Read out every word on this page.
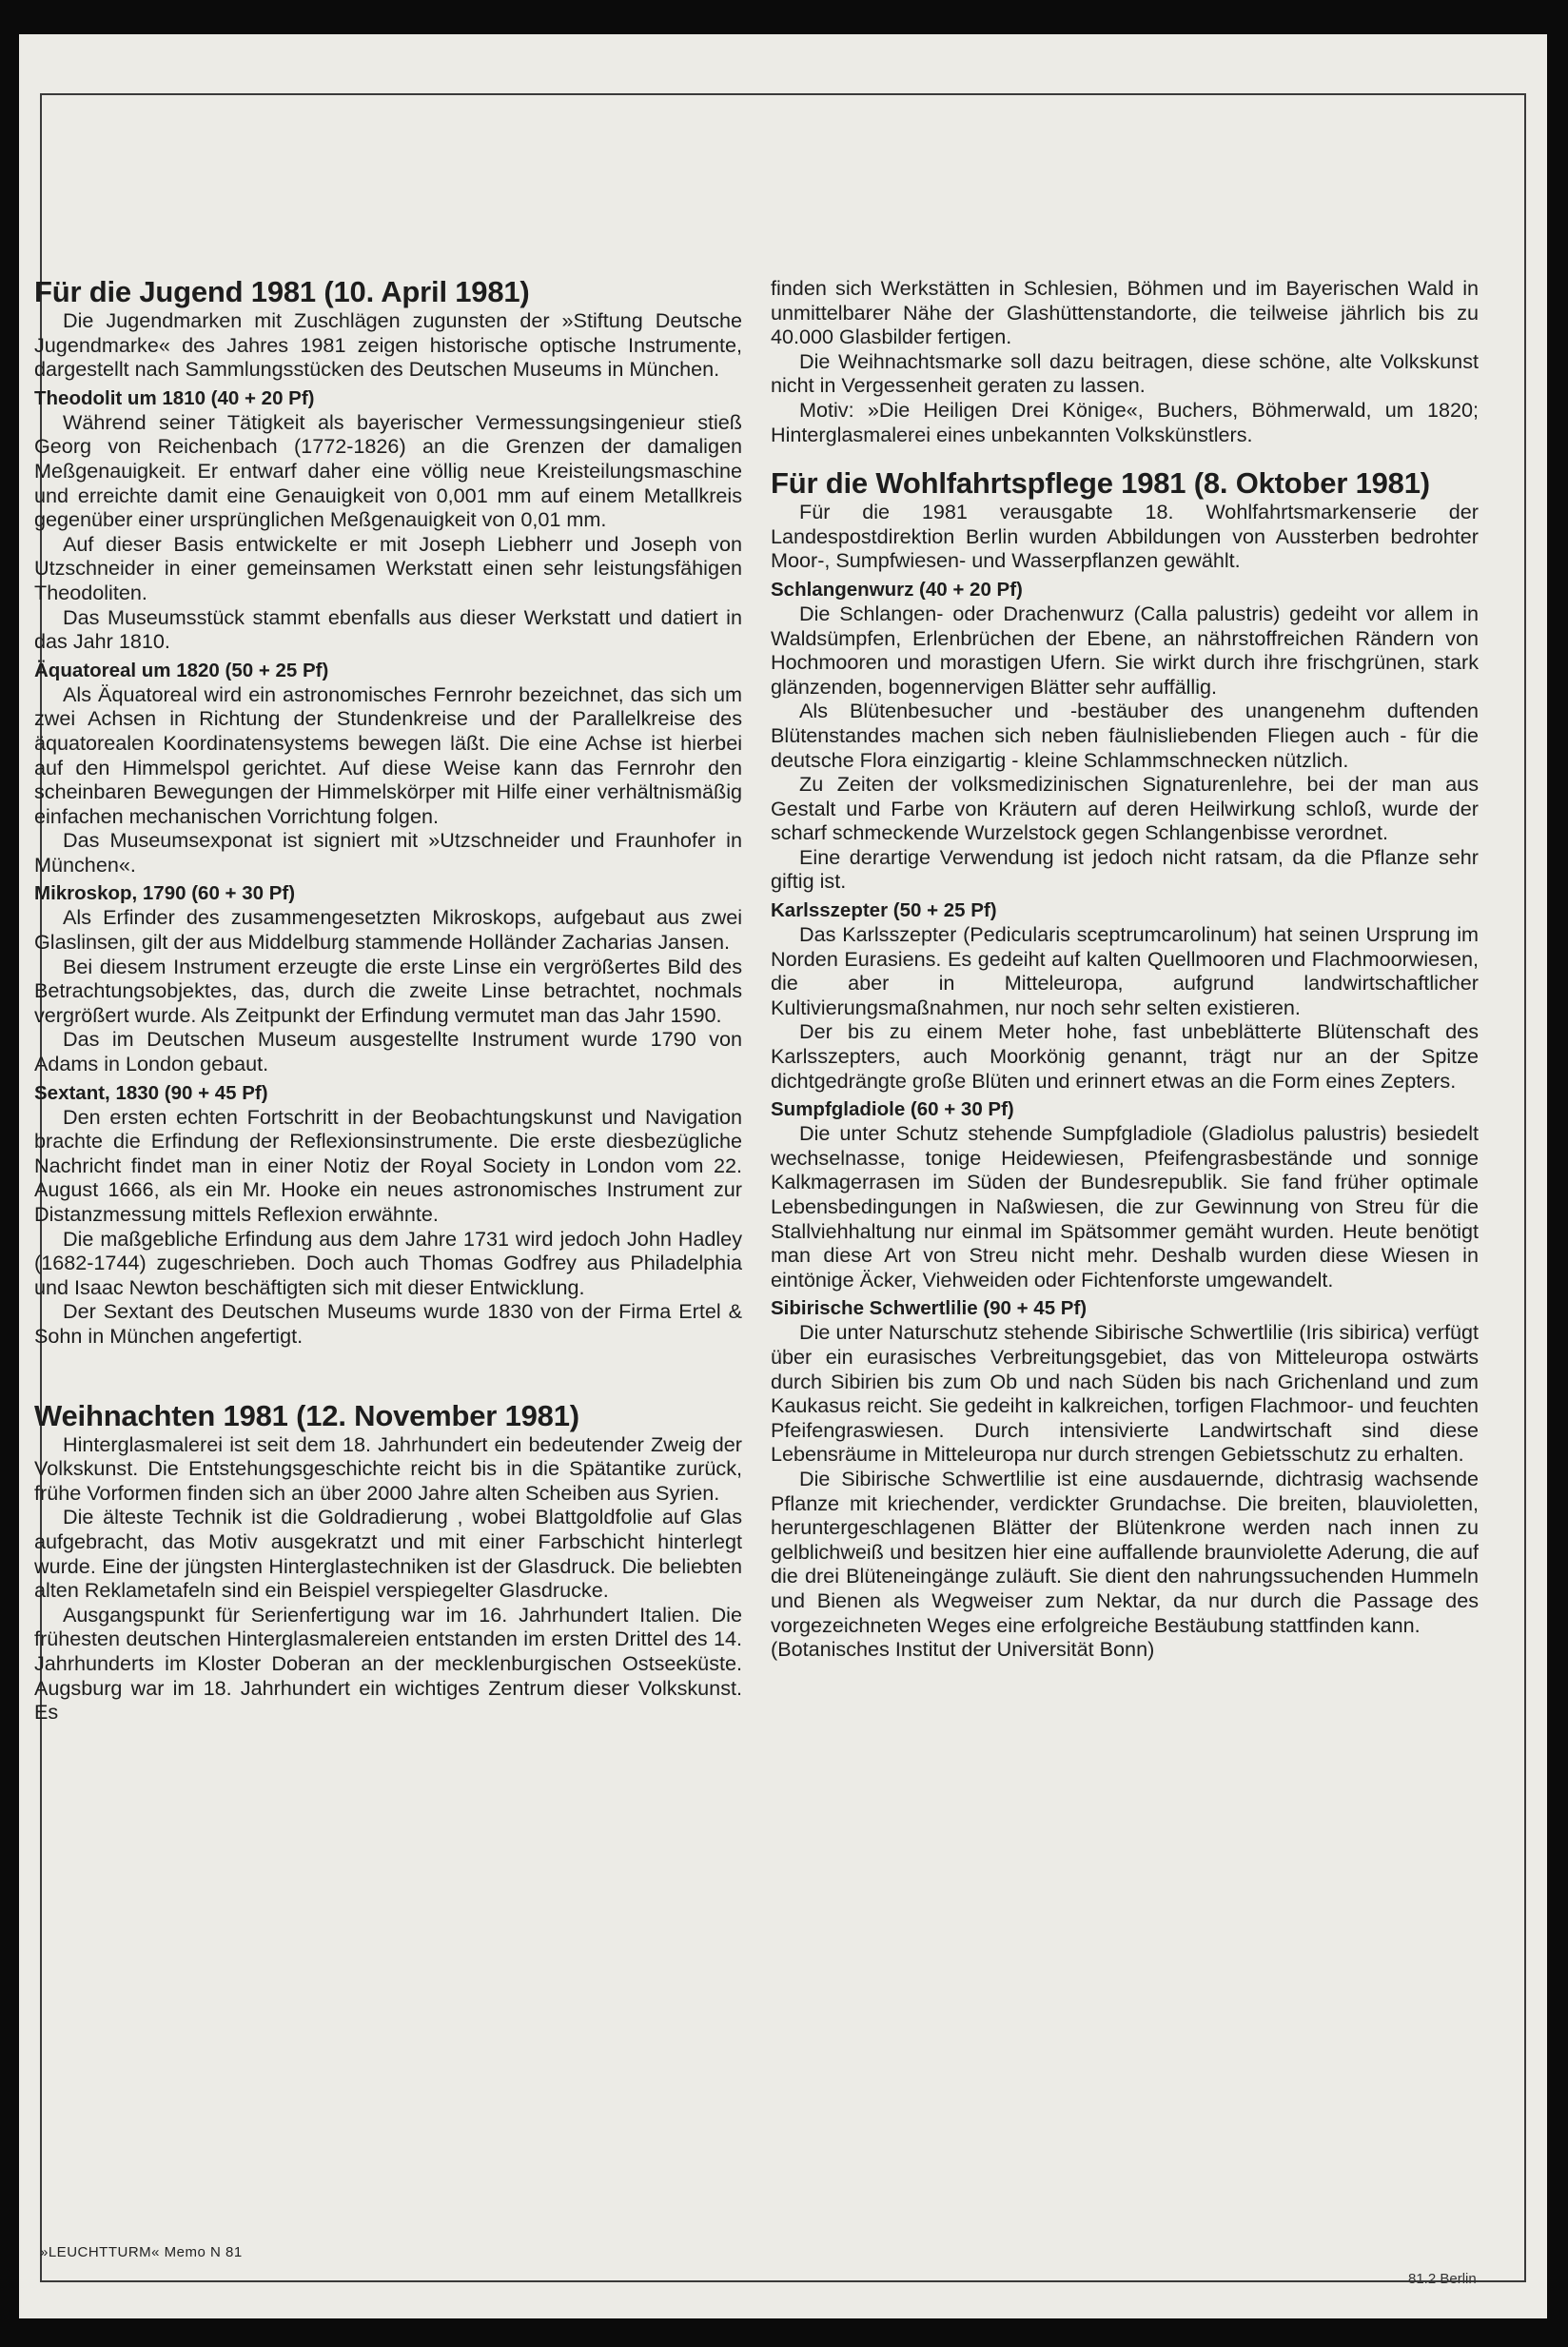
Für die Jugend 1981 (10. April 1981)

Die Jugendmarken mit Zuschlägen zugunsten der »Stiftung Deutsche Jugendmarke« des Jahres 1981 zeigen historische optische Instrumente, dargestellt nach Sammlungsstücken des Deutschen Museums in München.

Theodolit um 1810 (40 + 20 Pf)

Während seiner Tätigkeit als bayerischer Vermessungsingenieur stieß Georg von Reichenbach (1772-1826) an die Grenzen der damaligen Meßgenauigkeit. Er entwarf daher eine völlig neue Kreisteilungsmaschine und erreichte damit eine Genauigkeit von 0,001 mm auf einem Metallkreis gegenüber einer ursprünglichen Meßgenauigkeit von 0,01 mm.

Auf dieser Basis entwickelte er mit Joseph Liebherr und Joseph von Utzschneider in einer gemeinsamen Werkstatt einen sehr leistungsfähigen Theodoliten.

Das Museumsstück stammt ebenfalls aus dieser Werkstatt und datiert in das Jahr 1810.

Äquatoreal um 1820 (50 + 25 Pf)

Als Äquatoreal wird ein astronomisches Fernrohr bezeichnet, das sich um zwei Achsen in Richtung der Stundenkreise und der Parallelkreise des äquatorealen Koordinatensystems bewegen läßt. Die eine Achse ist hierbei auf den Himmelspol gerichtet. Auf diese Weise kann das Fernrohr den scheinbaren Bewegungen der Himmelskörper mit Hilfe einer verhältnismäßig einfachen mechanischen Vorrichtung folgen.

Das Museumsexponat ist signiert mit »Utzschneider und Fraunhofer in München«.

Mikroskop, 1790 (60 + 30 Pf)

Als Erfinder des zusammengesetzten Mikroskops, aufgebaut aus zwei Glaslinsen, gilt der aus Middelburg stammende Holländer Zacharias Jansen.

Bei diesem Instrument erzeugte die erste Linse ein vergrößertes Bild des Betrachtungsobjektes, das, durch die zweite Linse betrachtet, nochmals vergrößert wurde. Als Zeitpunkt der Erfindung vermutet man das Jahr 1590.

Das im Deutschen Museum ausgestellte Instrument wurde 1790 von Adams in London gebaut.

Sextant, 1830 (90 + 45 Pf)

Den ersten echten Fortschritt in der Beobachtungskunst und Navigation brachte die Erfindung der Reflexionsinstrumente. Die erste diesbezügliche Nachricht findet man in einer Notiz der Royal Society in London vom 22. August 1666, als ein Mr. Hooke ein neues astronomisches Instrument zur Distanzmessung mittels Reflexion erwähnte.

Die maßgebliche Erfindung aus dem Jahre 1731 wird jedoch John Hadley (1682-1744) zugeschrieben. Doch auch Thomas Godfrey aus Philadelphia und Isaac Newton beschäftigten sich mit dieser Entwicklung.

Der Sextant des Deutschen Museums wurde 1830 von der Firma Ertel & Sohn in München angefertigt.

Weihnachten 1981 (12. November 1981)

Hinterglasmalerei ist seit dem 18. Jahrhundert ein bedeutender Zweig der Volkskunst. Die Entstehungsgeschichte reicht bis in die Spätantike zurück, frühe Vorformen finden sich an über 2000 Jahre alten Scheiben aus Syrien.

Die älteste Technik ist die Goldradierung , wobei Blattgoldfolie auf Glas aufgebracht, das Motiv ausgekratzt und mit einer Farbschicht hinterlegt wurde. Eine der jüngsten Hinterglastechniken ist der Glasdruck. Die beliebten alten Reklametafeln sind ein Beispiel verspiegelter Glasdrucke.

Ausgangspunkt für Serienfertigung war im 16. Jahrhundert Italien. Die frühesten deutschen Hinterglasmalereien entstanden im ersten Drittel des 14. Jahrhunderts im Kloster Doberan an der mecklenburgischen Ostseeküste. Augsburg war im 18. Jahrhundert ein wichtiges Zentrum dieser Volkskunst. Es

finden sich Werkstätten in Schlesien, Böhmen und im Bayerischen Wald in unmittelbarer Nähe der Glashüttenstandorte, die teilweise jährlich bis zu 40.000 Glasbilder fertigen.

Die Weihnachtsmarke soll dazu beitragen, diese schöne, alte Volkskunst nicht in Vergessenheit geraten zu lassen.

Motiv: »Die Heiligen Drei Könige«, Buchers, Böhmerwald, um 1820; Hinterglasmalerei eines unbekannten Volkskünstlers.

Für die Wohlfahrtspflege 1981 (8. Oktober 1981)

Für die 1981 verausgabte 18. Wohlfahrtsmarkenserie der Landespostdirektion Berlin wurden Abbildungen von Aussterben bedrohter Moor-, Sumpfwiesen- und Wasserpflanzen gewählt.

Schlangenwurz (40 + 20 Pf)

Die Schlangen- oder Drachenwurz (Calla palustris) gedeiht vor allem in Waldsümpfen, Erlenbrüchen der Ebene, an nährstoffreichen Rändern von Hochmooren und morastigen Ufern. Sie wirkt durch ihre frischgrünen, stark glänzenden, bogennervigen Blätter sehr auffällig.

Als Blütenbesucher und -bestäuber des unangenehm duftenden Blütenstandes machen sich neben fäulnisliebenden Fliegen auch - für die deutsche Flora einzigartig - kleine Schlammschnecken nützlich.

Zu Zeiten der volksmedizinischen Signaturenlehre, bei der man aus Gestalt und Farbe von Kräutern auf deren Heilwirkung schloß, wurde der scharf schmeckende Wurzelstock gegen Schlangenbisse verordnet.

Eine derartige Verwendung ist jedoch nicht ratsam, da die Pflanze sehr giftig ist.

Karlsszepter (50 + 25 Pf)

Das Karlsszepter (Pedicularis sceptrumcarolinum) hat seinen Ursprung im Norden Eurasiens. Es gedeiht auf kalten Quellmooren und Flachmoorwiesen, die aber in Mitteleuropa, aufgrund landwirtschaftlicher Kultivierungsmaßnahmen, nur noch sehr selten existieren.

Der bis zu einem Meter hohe, fast unbeblätterte Blütenschaft des Karlsszepters, auch Moorkönig genannt, trägt nur an der Spitze dichtgedrängte große Blüten und erinnert etwas an die Form eines Zepters.

Sumpfgladiole (60 + 30 Pf)

Die unter Schutz stehende Sumpfgladiole (Gladiolus palustris) besiedelt wechselnasse, tonige Heidewiesen, Pfeifengrasbestände und sonnige Kalkmagerrasen im Süden der Bundesrepublik. Sie fand früher optimale Lebensbedingungen in Naßwiesen, die zur Gewinnung von Streu für die Stallviehhaltung nur einmal im Spätsommer gemäht wurden. Heute benötigt man diese Art von Streu nicht mehr. Deshalb wurden diese Wiesen in eintönige Äcker, Viehweiden oder Fichtenforste umgewandelt.

Sibirische Schwertlilie (90 + 45 Pf)

Die unter Naturschutz stehende Sibirische Schwertlilie (Iris sibirica) verfügt über ein eurasisches Verbreitungsgebiet, das von Mitteleuropa ostwärts durch Sibirien bis zum Ob und nach Süden bis nach Grichenland und zum Kaukasus reicht. Sie gedeiht in kalkreichen, torfigen Flachmoor- und feuchten Pfeifengraswiesen. Durch intensivierte Landwirtschaft sind diese Lebensräume in Mitteleuropa nur durch strengen Gebietsschutz zu erhalten.

Die Sibirische Schwertlilie ist eine ausdauernde, dichtrasig wachsende Pflanze mit kriechender, verdickter Grundachse. Die breiten, blauvioletten, heruntergeschlagenen Blätter der Blütenkrone werden nach innen zu gelblichweiß und besitzen hier eine auffallende braunviolette Aderung, die auf die drei Blüteneingänge zuläuft. Sie dient den nahrungssuchenden Hummeln und Bienen als Wegweiser zum Nektar, da nur durch die Passage des vorgezeichneten Weges eine erfolgreiche Bestäubung stattfinden kann.

(Botanisches Institut der Universität Bonn)

»LEUCHTTURM« Memo N 81
81.2 Berlin
